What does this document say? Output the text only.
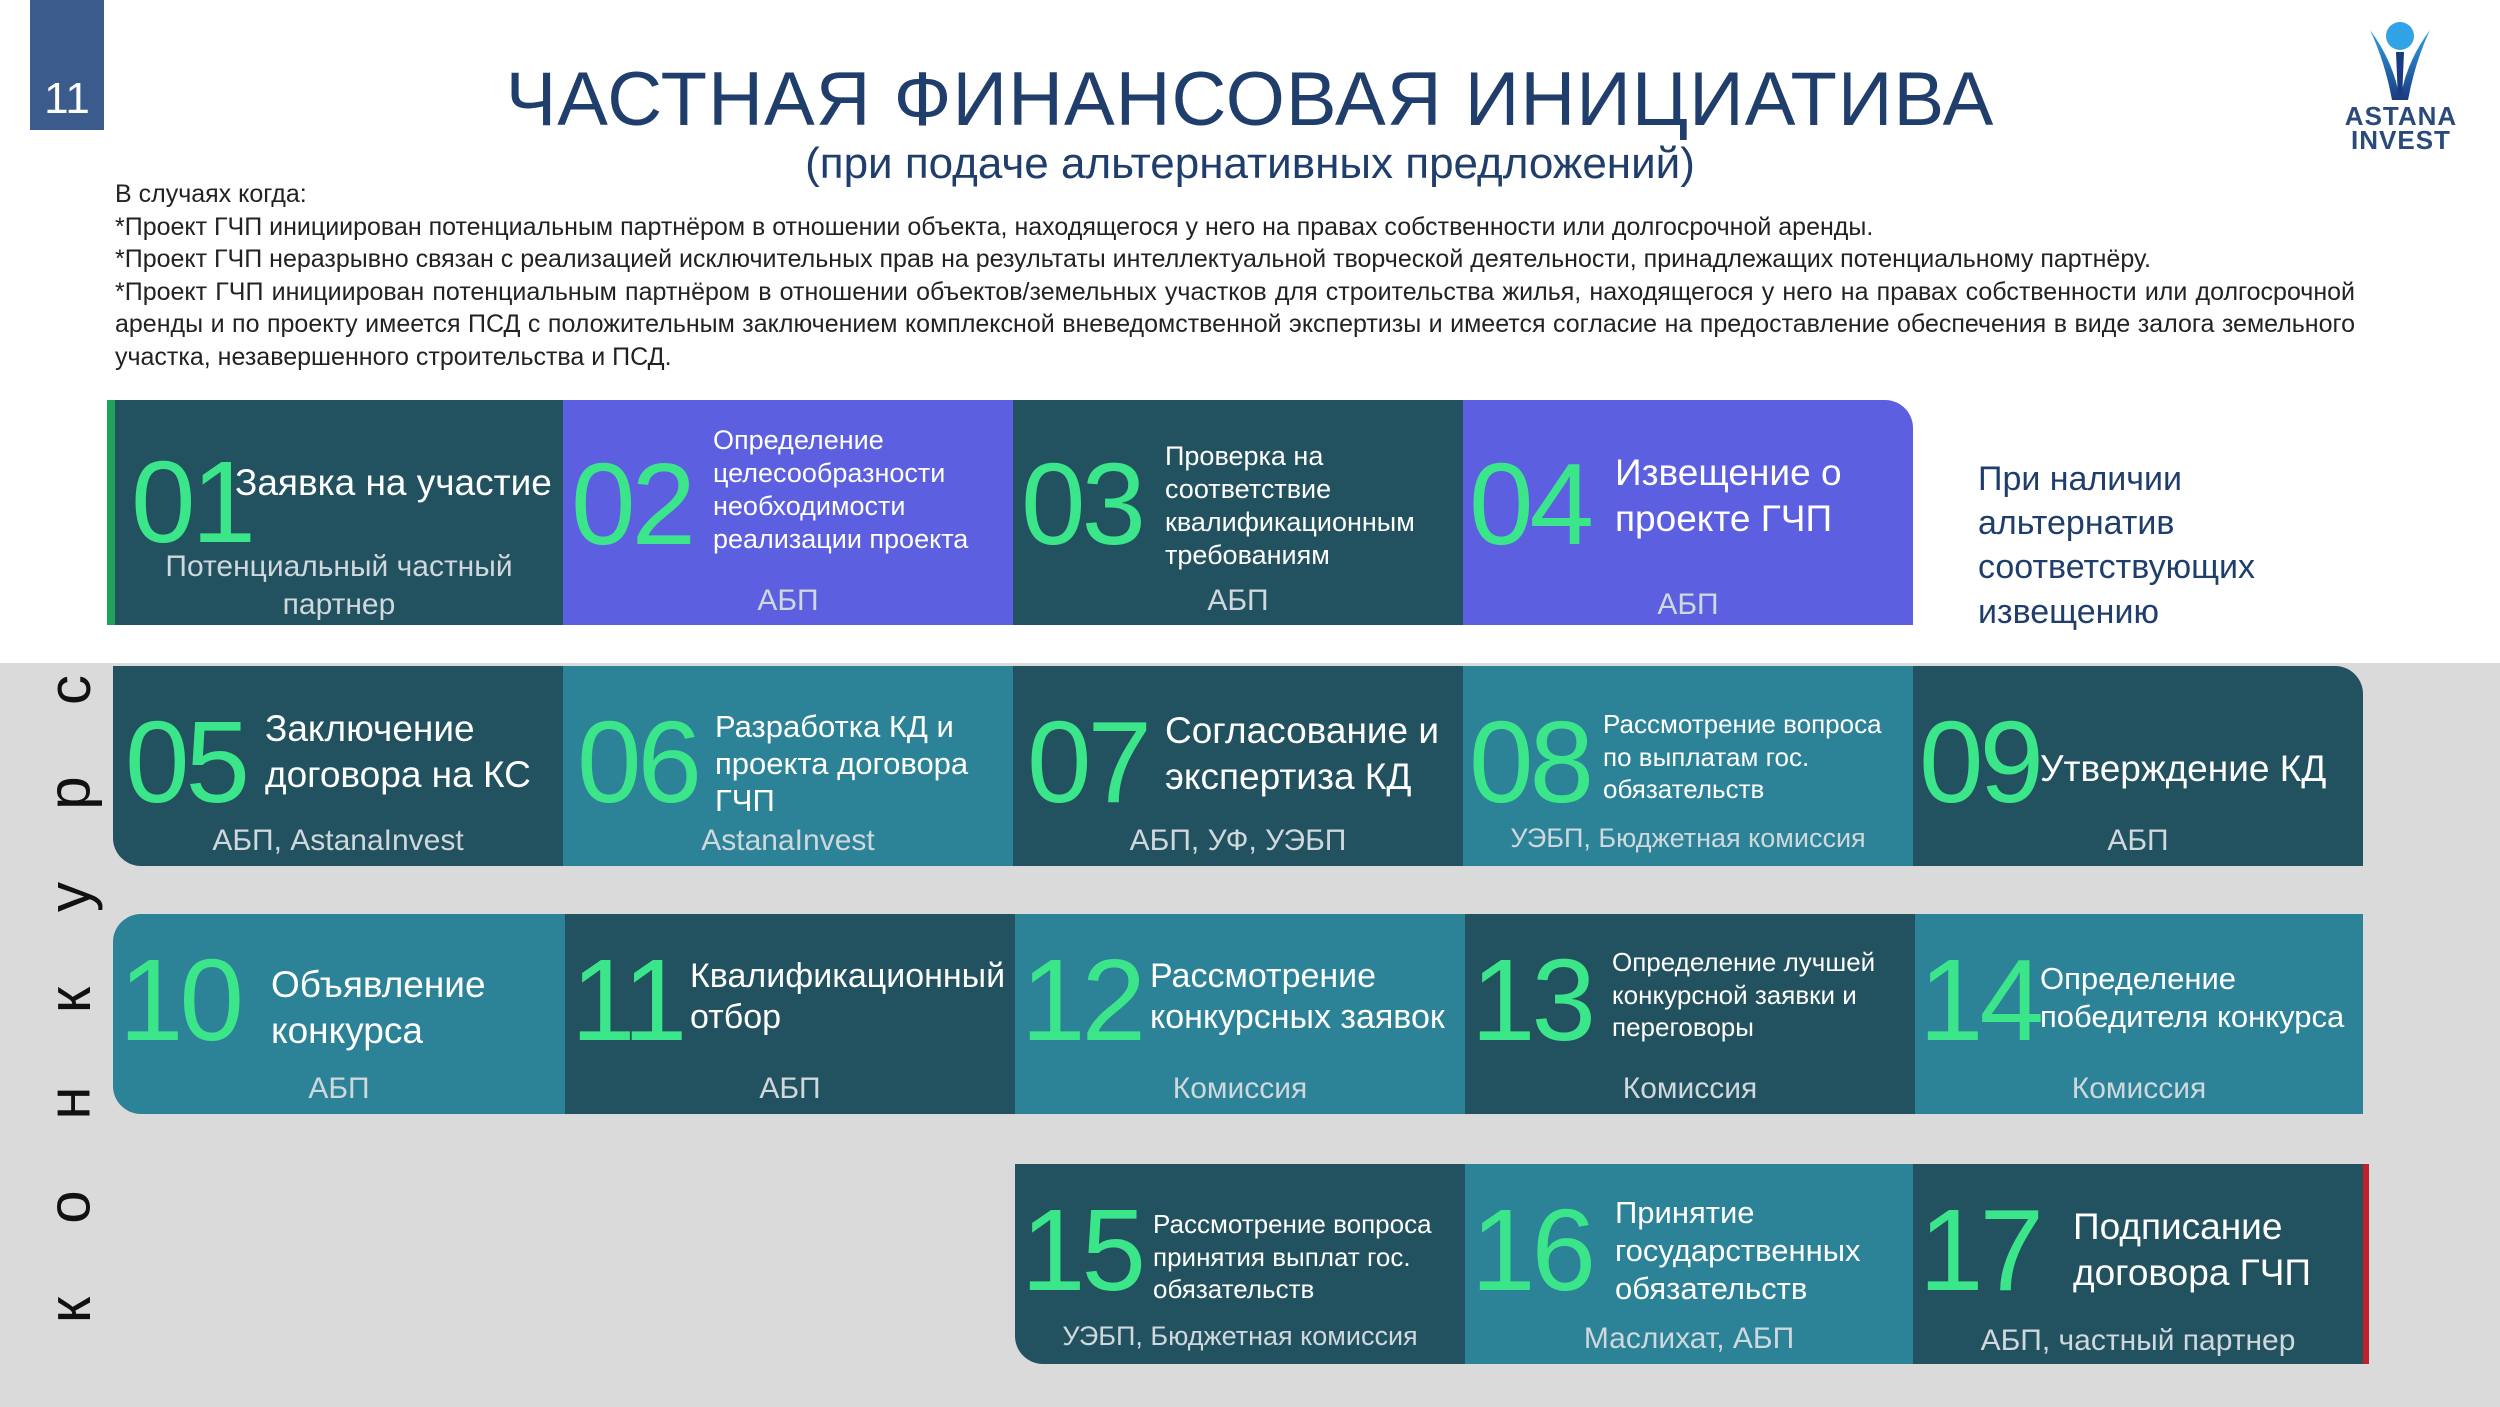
11	ЧАСТНАЯ ФИНАНСОВАЯ ИНИЦИАТИВА
(при подаче альтернативных предложений)
ASTANA
INVEST

В случаях когда:

*Проект ГЧП инициирован потенциальным партнёром в отношении объекта, находящегося у него на правах собственности или долгосрочной аренды.

*Проект ГЧП неразрывно связан с реализацией исключительных прав на результаты интеллектуальной творческой деятельности, принадлежащих потенциальному партнёру.

*Проект ГЧП инициирован потенциальным партнёром в отношении объектов/земельных участков для строительства жилья, находящегося у него на правах собственности или долгосрочной аренды и по проекту имеется ПСД с положительным заключением комплексной вневедомственной экспертизы и имеется согласие на предоставление обеспечения в виде залога земельного участка, незавершенного строительства и ПСД.

01
Заявка на участие
Потенциальный частный партнер
02 Определение целесообразности необходимости реализации проекта
АБП
03 Проверка на соответствие квалификационным требованиям
АБП
04 Извещение о проекте ГЧП
АБП
При наличии альтернатив соответствующих извещению
05 Заключение договора на КС
АБП, AstanaInvest
06 Разработка КД и проекта договора ГЧП
AstanaInvest
07 Согласование и экспертиза КД
АБП, УФ, УЭБП
08 Рассмотрение вопроса по выплатам гос. обязательств
УЭБП, Бюджетная комиссия
09 Утверждение КД
АБП
10 Объявление конкурса
АБП
11 Квалификационный отбор
АБП
12 Рассмотрение конкурсных заявок
Комиссия
13 Определение лучшей конкурсной заявки и переговоры
Комиссия
14 Определение победителя конкурса
Комиссия
15 Рассмотрение вопроса принятия выплат гос. обязательств
УЭБП, Бюджетная комиссия
16 Принятие государственных обязательств
Маслихат, АБП
17 Подписание договора ГЧП
АБП, частный партнер
с
р
у
к
н
о
к
